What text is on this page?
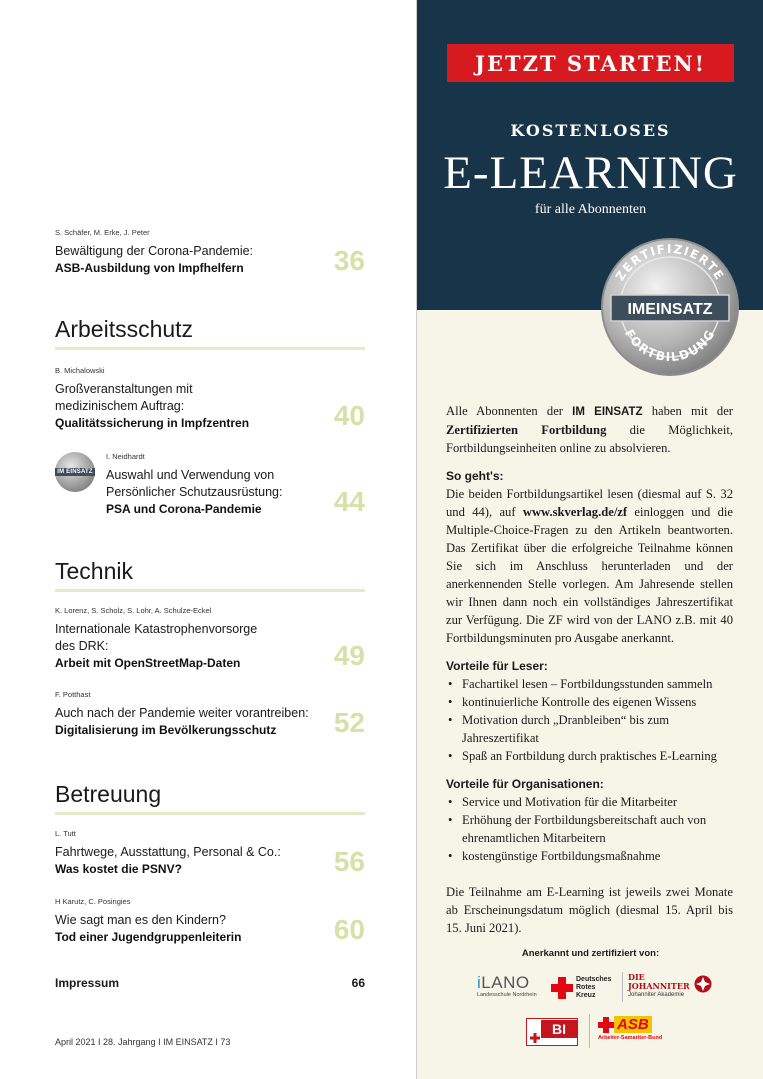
S. Schäfer, M. Erke, J. Peter
Bewältigung der Corona-Pandemie:
ASB-Ausbildung von Impfhelfern	36
Arbeitsschutz
B. Michalowski
Großveranstaltungen mit medizinischem Auftrag:
Qualitätssicherung in Impfzentren	40
IM EINSATZ
I. Neidhardt
Auswahl und Verwendung von Persönlicher Schutzausrüstung:
PSA und Corona-Pandemie	44
Technik
K. Lorenz, S. Scholz, S. Lohr, A. Schulze-Eckel
Internationale Katastrophenvorsorge des DRK:
Arbeit mit OpenStreetMap-Daten	49
F. Potthast
Auch nach der Pandemie weiter vorantreiben:
Digitalisierung im Bevölkerungsschutz	52
Betreuung
L. Tutt
Fahrtwege, Ausstattung, Personal & Co.:
Was kostet die PSNV?	56
H Karutz, C. Posingies
Wie sagt man es den Kindern?
Tod einer Jugendgruppenleiterin	60
Impressum	66
April 2021 I 28. Jahrgang I IM EINSATZ I 73
JETZT STARTEN!
KOSTENLOSES
E-LEARNING
für alle Abonnenten
ZERTIFIZIERTE
FORTBILDUNG
IMEINSATZ

Alle Abonnenten der IM EINSATZ haben mit der Zertifizierten Fortbildung die Möglichkeit, Fortbildungseinheiten online zu absolvieren.

So geht's:

Die beiden Fortbildungsartikel lesen (diesmal auf S. 32 und 44), auf www.skverlag.de/zf einloggen und die Multiple-Choice-Fragen zu den Artikeln beantworten. Das Zertifikat über die erfolgreiche Teilnahme können Sie sich im Anschluss herunterladen und der anerkennenden Stelle vorlegen. Am Jahresende stellen wir Ihnen dann noch ein vollständiges Jahreszertifikat zur Verfügung. Die ZF wird von der LANO z.B. mit 40 Fortbildungsminuten pro Ausgabe anerkannt.

Vorteile für Leser:
• Fachartikel lesen – Fortbildungsstunden sammeln
• kontinuierliche Kontrolle des eigenen Wissens
• Motivation durch „Dranbleiben“ bis zum Jahreszertifikat
• Spaß an Fortbildung durch praktisches E-Learning
Vorteile für Organisationen:
• Service und Motivation für die Mitarbeiter
• Erhöhung der Fortbildungsbereitschaft auch von ehrenamtlichen Mitarbeitern
• kostengünstige Fortbildungsmaßnahme

Die Teilnahme am E-Learning ist jeweils zwei Monate ab Erscheinungsdatum möglich (diesmal 15. April bis 15. Juni 2021).

Anerkannt und zertifiziert von:
iLANO
Landesschule Nordrhein
Deutsches
Rotes
Kreuz
DIE
JOHANNITER
Johanniter Akademie
BI	ASB
Arbeiter-Samariter-Bund
